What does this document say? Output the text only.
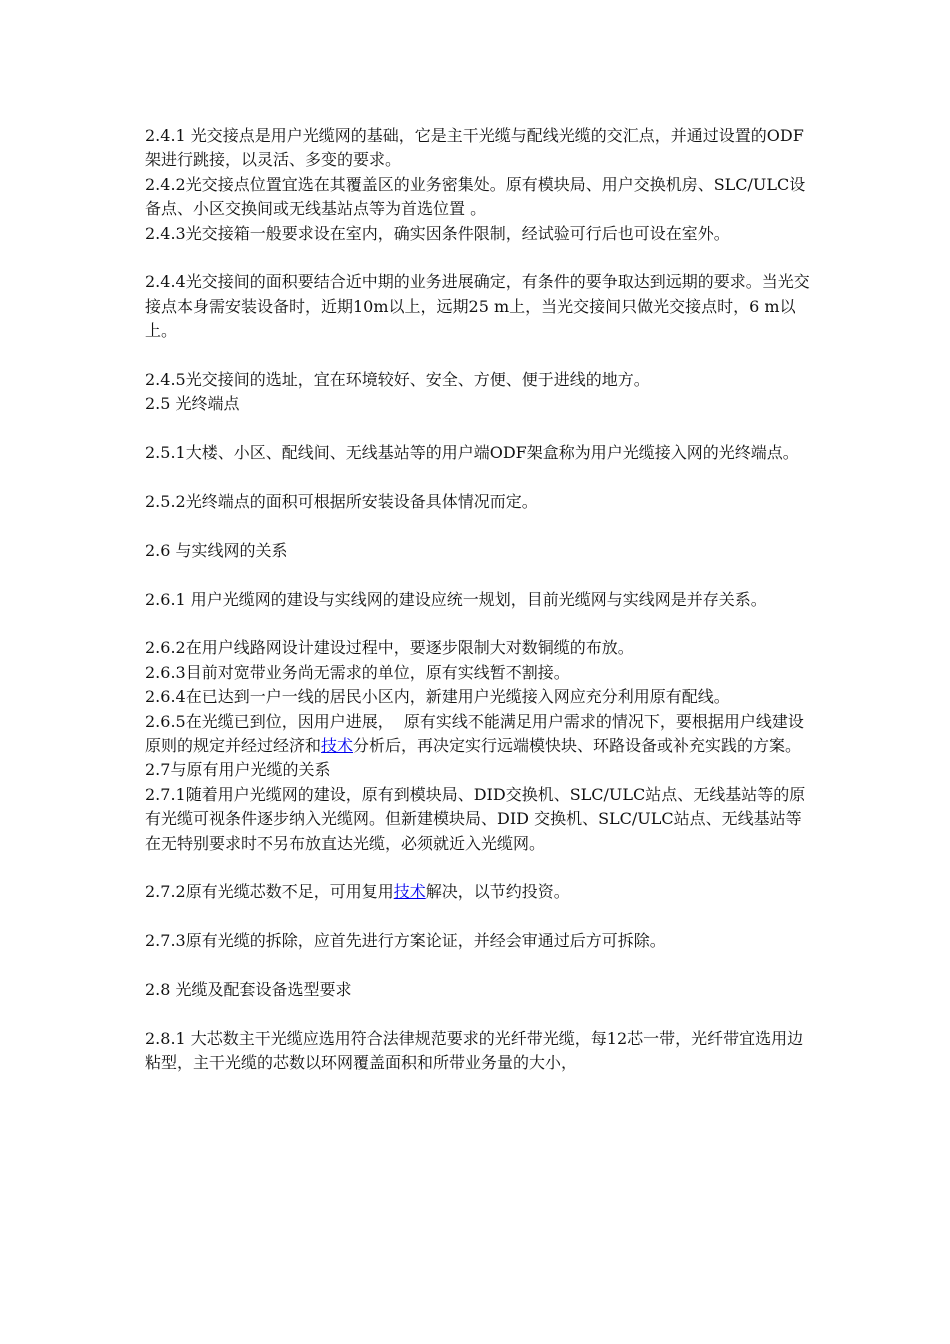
2.4.1 光交接点是用户光缆网的基础，它是主干光缆与配线光缆的交汇点，并通过设置的ODF架进行跳接，以灵活、多变的要求。

2.4.2光交接点位置宜选在其覆盖区的业务密集处。原有模块局、用户交换机房、SLC/ULC设备点、小区交换间或无线基站点等为首选位置 。

2.4.3光交接箱一般要求设在室内，确实因条件限制，经试验可行后也可设在室外。

2.4.4光交接间的面积要结合近中期的业务进展确定，有条件的要争取达到远期的要求。当光交接点本身需安装设备时，近期10m以上，远期25 m上，当光交接间只做光交接点时，6 m以上。

2.4.5光交接间的选址，宜在环境较好、安全、方便、便于进线的地方。

2.5 光终端点

2.5.1大楼、小区、配线间、无线基站等的用户端ODF架盒称为用户光缆接入网的光终端点。

2.5.2光终端点的面积可根据所安装设备具体情况而定。

2.6 与实线网的关系

2.6.1 用户光缆网的建设与实线网的建设应统一规划，目前光缆网与实线网是并存关系。

2.6.2在用户线路网设计建设过程中，要逐步限制大对数铜缆的布放。

2.6.3目前对宽带业务尚无需求的单位，原有实线暂不割接。

2.6.4在已达到一户一线的居民小区内，新建用户光缆接入网应充分利用原有配线。

2.6.5在光缆已到位，因用户进展，  原有实线不能满足用户需求的情况下，要根据用户线建设原则的规定并经过经济和技术分析后，再决定实行远端模快块、环路设备或补充实践的方案。

2.7与原有用户光缆的关系

2.7.1随着用户光缆网的建设，原有到模块局、DID交换机、SLC/ULC站点、无线基站等的原有光缆可视条件逐步纳入光缆网。但新建模块局、DID 交换机、SLC/ULC站点、无线基站等在无特别要求时不另布放直达光缆，必须就近入光缆网。

2.7.2原有光缆芯数不足，可用复用技术解决，以节约投资。

2.7.3原有光缆的拆除，应首先进行方案论证，并经会审通过后方可拆除。

2.8 光缆及配套设备选型要求

2.8.1 大芯数主干光缆应选用符合法律规范要求的光纤带光缆，每12芯一带，光纤带宜选用边粘型，主干光缆的芯数以环网覆盖面积和所带业务量的大小，
